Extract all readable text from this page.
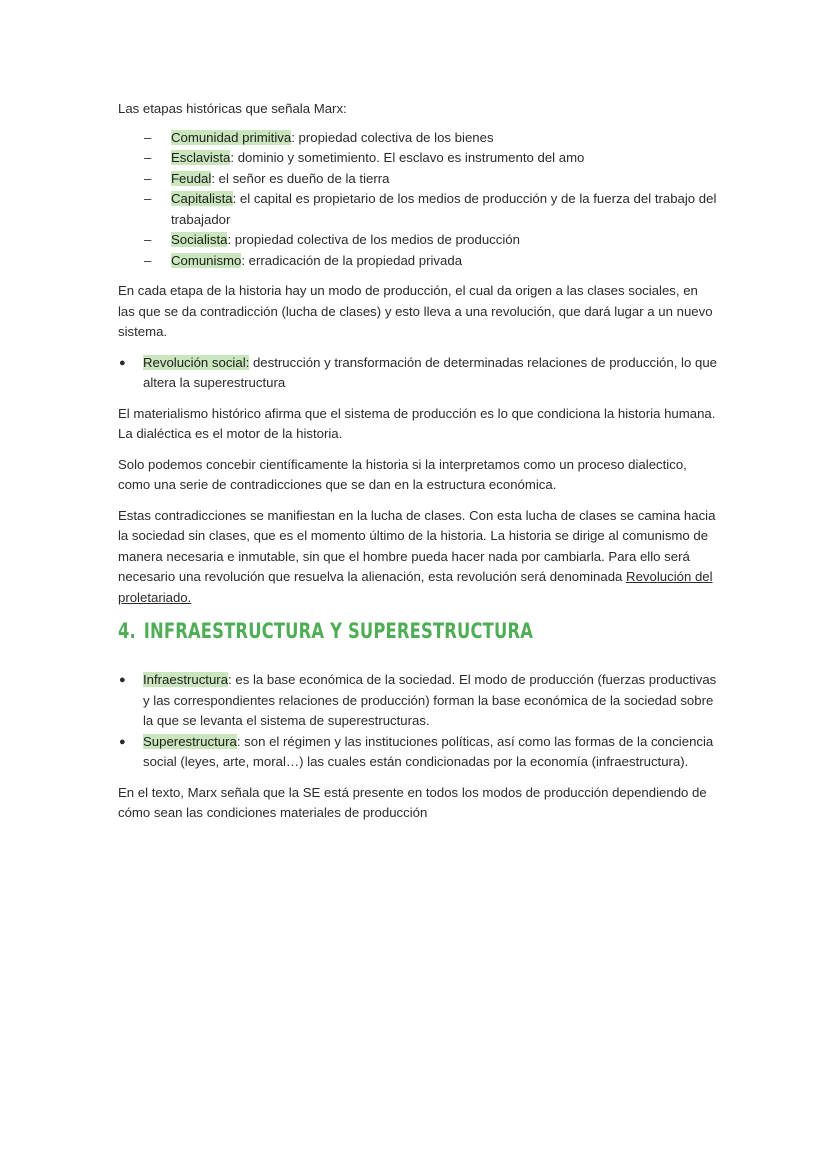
Las etapas históricas que señala Marx:

– Comunidad primitiva: propiedad colectiva de los bienes
– Esclavista: dominio y sometimiento. El esclavo es instrumento del amo
– Feudal: el señor es dueño de la tierra
– Capitalista: el capital es propietario de los medios de producción y de la fuerza del trabajo del trabajador
– Socialista: propiedad colectiva de los medios de producción
– Comunismo: erradicación de la propiedad privada

En cada etapa de la historia hay un modo de producción, el cual da origen a las clases sociales, en las que se da contradicción (lucha de clases) y esto lleva a una revolución, que dará lugar a un nuevo sistema.

● Revolución social: destrucción y transformación de determinadas relaciones de producción, lo que altera la superestructura

El materialismo histórico afirma que el sistema de producción es lo que condiciona la historia humana. La dialéctica es el motor de la historia.

Solo podemos concebir científicamente la historia si la interpretamos como un proceso dialectico, como una serie de contradicciones que se dan en la estructura económica.

Estas contradicciones se manifiestan en la lucha de clases. Con esta lucha de clases se camina hacia la sociedad sin clases, que es el momento último de la historia. La historia se dirige al comunismo de manera necesaria e inmutable, sin que el hombre pueda hacer nada por cambiarla. Para ello será necesario una revolución que resuelva la alienación, esta revolución será denominada Revolución del proletariado.

4. INFRAESTRUCTURA Y SUPERESTRUCTURA
● Infraestructura: es la base económica de la sociedad. El modo de producción (fuerzas productivas y las correspondientes relaciones de producción) forman la base económica de la sociedad sobre la que se levanta el sistema de superestructuras.
● Superestructura: son el régimen y las instituciones políticas, así como las formas de la conciencia social (leyes, arte, moral…) las cuales están condicionadas por la economía (infraestructura).

En el texto, Marx señala que la SE está presente en todos los modos de producción dependiendo de cómo sean las condiciones materiales de producción
